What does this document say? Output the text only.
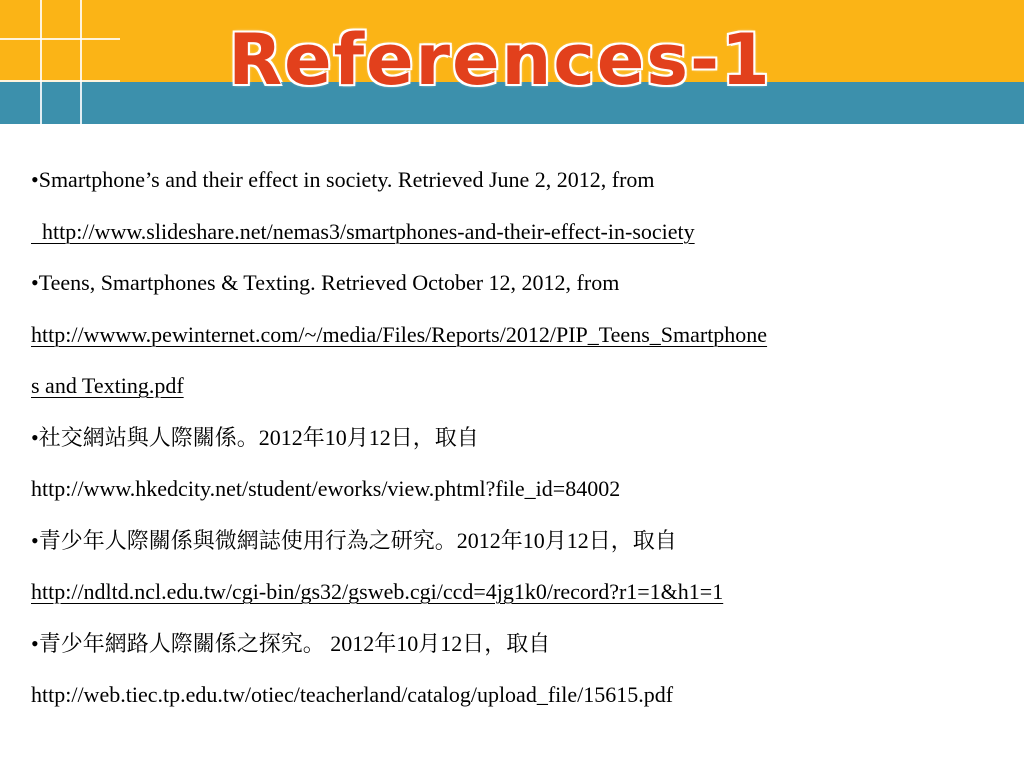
References-1
•Smartphone’s and their effect in society. Retrieved June 2, 2012, from
http://www.slideshare.net/nemas3/smartphones-and-their-effect-in-society
•Teens, Smartphones & Texting. Retrieved October 12, 2012, from
http://wwww.pewinternet.com/~/media/Files/Reports/2012/PIP_Teens_Smartphone
s and Texting.pdf
•社交網站與人際關係。2012年10月12日，取自
http://www.hkedcity.net/student/eworks/view.phtml?file_id=84002
•青少年人際關係與微網誌使用行為之研究。2012年10月12日，取自
http://ndltd.ncl.edu.tw/cgi-bin/gs32/gsweb.cgi/ccd=4jg1k0/record?r1=1&h1=1
•青少年網路人際關係之探究。 2012年10月12日，取自
http://web.tiec.tp.edu.tw/otiec/teacherland/catalog/upload_file/15615.pdf
